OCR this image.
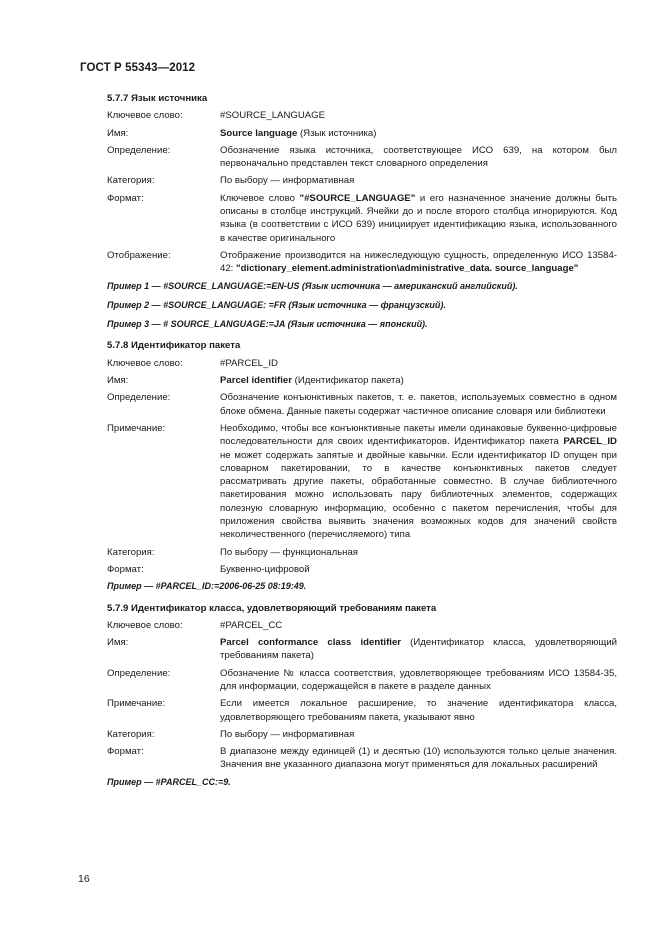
ГОСТ Р 55343—2012
5.7.7 Язык источника
Ключевое слово:	#SOURCE_LANGUAGE
Имя:	Source language (Язык источника)
Определение:	Обозначение языка источника, соответствующее ИСО 639, на котором был первоначально представлен текст словарного определения
Категория:	По выбору — информативная
Формат:	Ключевое слово "#SOURCE_LANGUAGE" и его назначенное значение должны быть описаны в столбце инструкций. Ячейки до и после второго столбца игнорируются. Код языка (в соответствии с ИСО 639) инициирует идентификацию языка, использованного в качестве оригинального
Отображение:	Отображение производится на нижеследующую сущность, определенную ИСО 13584-42: "dictionary_element.administration\administrative_data. source_language"
Пример 1 — #SOURCE_LANGUAGE:=EN-US (Язык источника — американский английский).
Пример 2 — #SOURCE_LANGUAGE: =FR (Язык источника — французский).
Пример 3 — # SOURCE_LANGUAGE:=JA (Язык источника — японский).
5.7.8 Идентификатор пакета
Ключевое слово:	#PARCEL_ID
Имя:	Parcel identifier (Идентификатор пакета)
Определение:	Обозначение конъюнктивных пакетов, т. е. пакетов, используемых совместно в одном блоке обмена. Данные пакеты содержат частичное описание словаря или библиотеки
Примечание:	Необходимо, чтобы все конъюнктивные пакеты имели одинаковые буквенно-цифровые последовательности для своих идентификаторов. Идентификатор пакета PARCEL_ID не может содержать запятые и двойные кавычки. Если идентификатор ID опущен при словарном пакетировании, то в качестве конъюнктивных пакетов следует рассматривать другие пакеты, обработанные совместно. В случае библиотечного пакетирования можно использовать пару библиотечных элементов, содержащих полезную словарную информацию, особенно с пакетом перечисления, чтобы для приложения свойства выявить значения возможных кодов для значений свойств неколичественного (перечисляемого) типа
Категория:	По выбору — функциональная
Формат:	Буквенно-цифровой
Пример — #PARCEL_ID:=2006-06-25 08:19:49.
5.7.9 Идентификатор класса, удовлетворяющий требованиям пакета
Ключевое слово:	#PARCEL_CC
Имя:	Parcel conformance class identifier (Идентификатор класса, удовлетворяющий требованиям пакета)
Определение:	Обозначение № класса соответствия, удовлетворяющее требованиям ИСО 13584-35, для информации, содержащейся в пакете в разделе данных
Примечание:	Если имеется локальное расширение, то значение идентификатора класса, удовлетворяющего требованиям пакета, указывают явно
Категория:	По выбору — информативная
Формат:	В диапазоне между единицей (1) и десятью (10) используются только целые значения. Значения вне указанного диапазона могут применяться для локальных расширений
Пример — #PARCEL_CC:=9.
16
